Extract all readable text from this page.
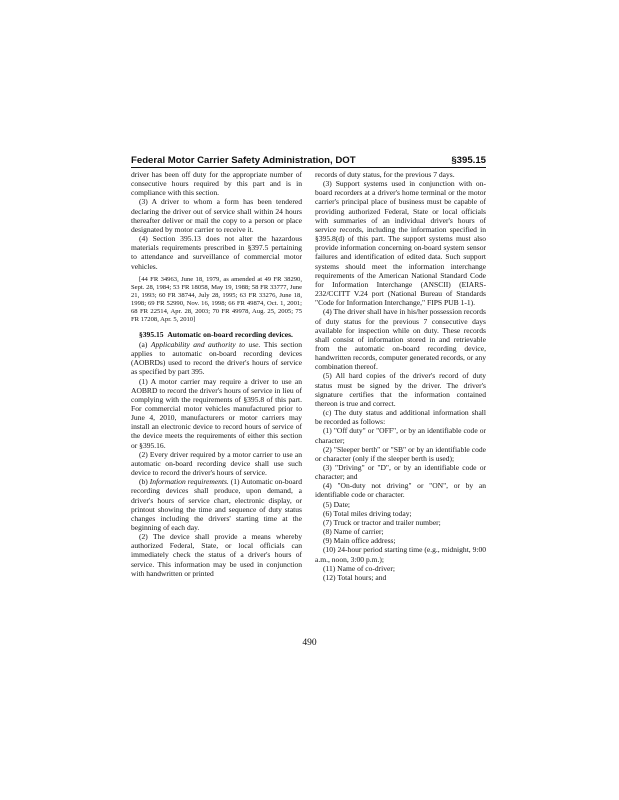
Federal Motor Carrier Safety Administration, DOT	§395.15

driver has been off duty for the appropriate number of consecutive hours required by this part and is in compliance with this section.

(3) A driver to whom a form has been tendered declaring the driver out of service shall within 24 hours thereafter deliver or mail the copy to a person or place designated by motor carrier to receive it.

(4) Section 395.13 does not alter the hazardous materials requirements prescribed in §397.5 pertaining to attendance and surveillance of commercial motor vehicles.

[44 FR 34963, June 18, 1979, as amended at 49 FR 38290, Sept. 28, 1984; 53 FR 18058, May 19, 1988; 58 FR 33777, June 21, 1993; 60 FR 38744, July 28, 1995; 63 FR 33276, June 18, 1998; 69 FR 52990, Nov. 16, 1998; 66 FR 49874, Oct. 1, 2001; 68 FR 22514, Apr. 28, 2003; 70 FR 49978, Aug. 25, 2005; 75 FR 17208, Apr. 5, 2010]

§395.15 Automatic on-board recording devices.

(a) Applicability and authority to use. This section applies to automatic on-board recording devices (AOBRDs) used to record the driver's hours of service as specified by part 395.

(1) A motor carrier may require a driver to use an AOBRD to record the driver's hours of service in lieu of complying with the requirements of §395.8 of this part. For commercial motor vehicles manufactured prior to June 4, 2010, manufacturers or motor carriers may install an electronic device to record hours of service of the device meets the requirements of either this section or §395.16.

(2) Every driver required by a motor carrier to use an automatic on-board recording device shall use such device to record the driver's hours of service.

(b) Information requirements. (1) Automatic on-board recording devices shall produce, upon demand, a driver's hours of service chart, electronic display, or printout showing the time and sequence of duty status changes including the drivers' starting time at the beginning of each day.

(2) The device shall provide a means whereby authorized Federal, State, or local officials can immediately check the status of a driver's hours of service. This information may be used in conjunction with handwritten or printed

records of duty status, for the previous 7 days.

(3) Support systems used in conjunction with on-board recorders at a driver's home terminal or the motor carrier's principal place of business must be capable of providing authorized Federal, State or local officials with summaries of an individual driver's hours of service records, including the information specified in §395.8(d) of this part. The support systems must also provide information concerning on-board system sensor failures and identification of edited data. Such support systems should meet the information interchange requirements of the American National Standard Code for Information Interchange (ANSCII) (EIARS-232/CCITT V.24 port (National Bureau of Standards "Code for Information Interchange," FIPS PUB 1-1).

(4) The driver shall have in his/her possession records of duty status for the previous 7 consecutive days available for inspection while on duty. These records shall consist of information stored in and retrievable from the automatic on-board recording device, handwritten records, computer generated records, or any combination thereof.

(5) All hard copies of the driver's record of duty status must be signed by the driver. The driver's signature certifies that the information contained thereon is true and correct.

(c) The duty status and additional information shall be recorded as follows:

(1) "Off duty" or "OFF", or by an identifiable code or character;

(2) "Sleeper berth" or "SB" or by an identifiable code or character (only if the sleeper berth is used);

(3) "Driving" or "D", or by an identifiable code or character; and

(4) "On-duty not driving" or "ON", or by an identifiable code or character.

(5) Date;

(6) Total miles driving today;

(7) Truck or tractor and trailer number;

(8) Name of carrier;

(9) Main office address;

(10) 24-hour period starting time (e.g., midnight, 9:00 a.m., noon, 3:00 p.m.);

(11) Name of co-driver;

(12) Total hours; and

490
